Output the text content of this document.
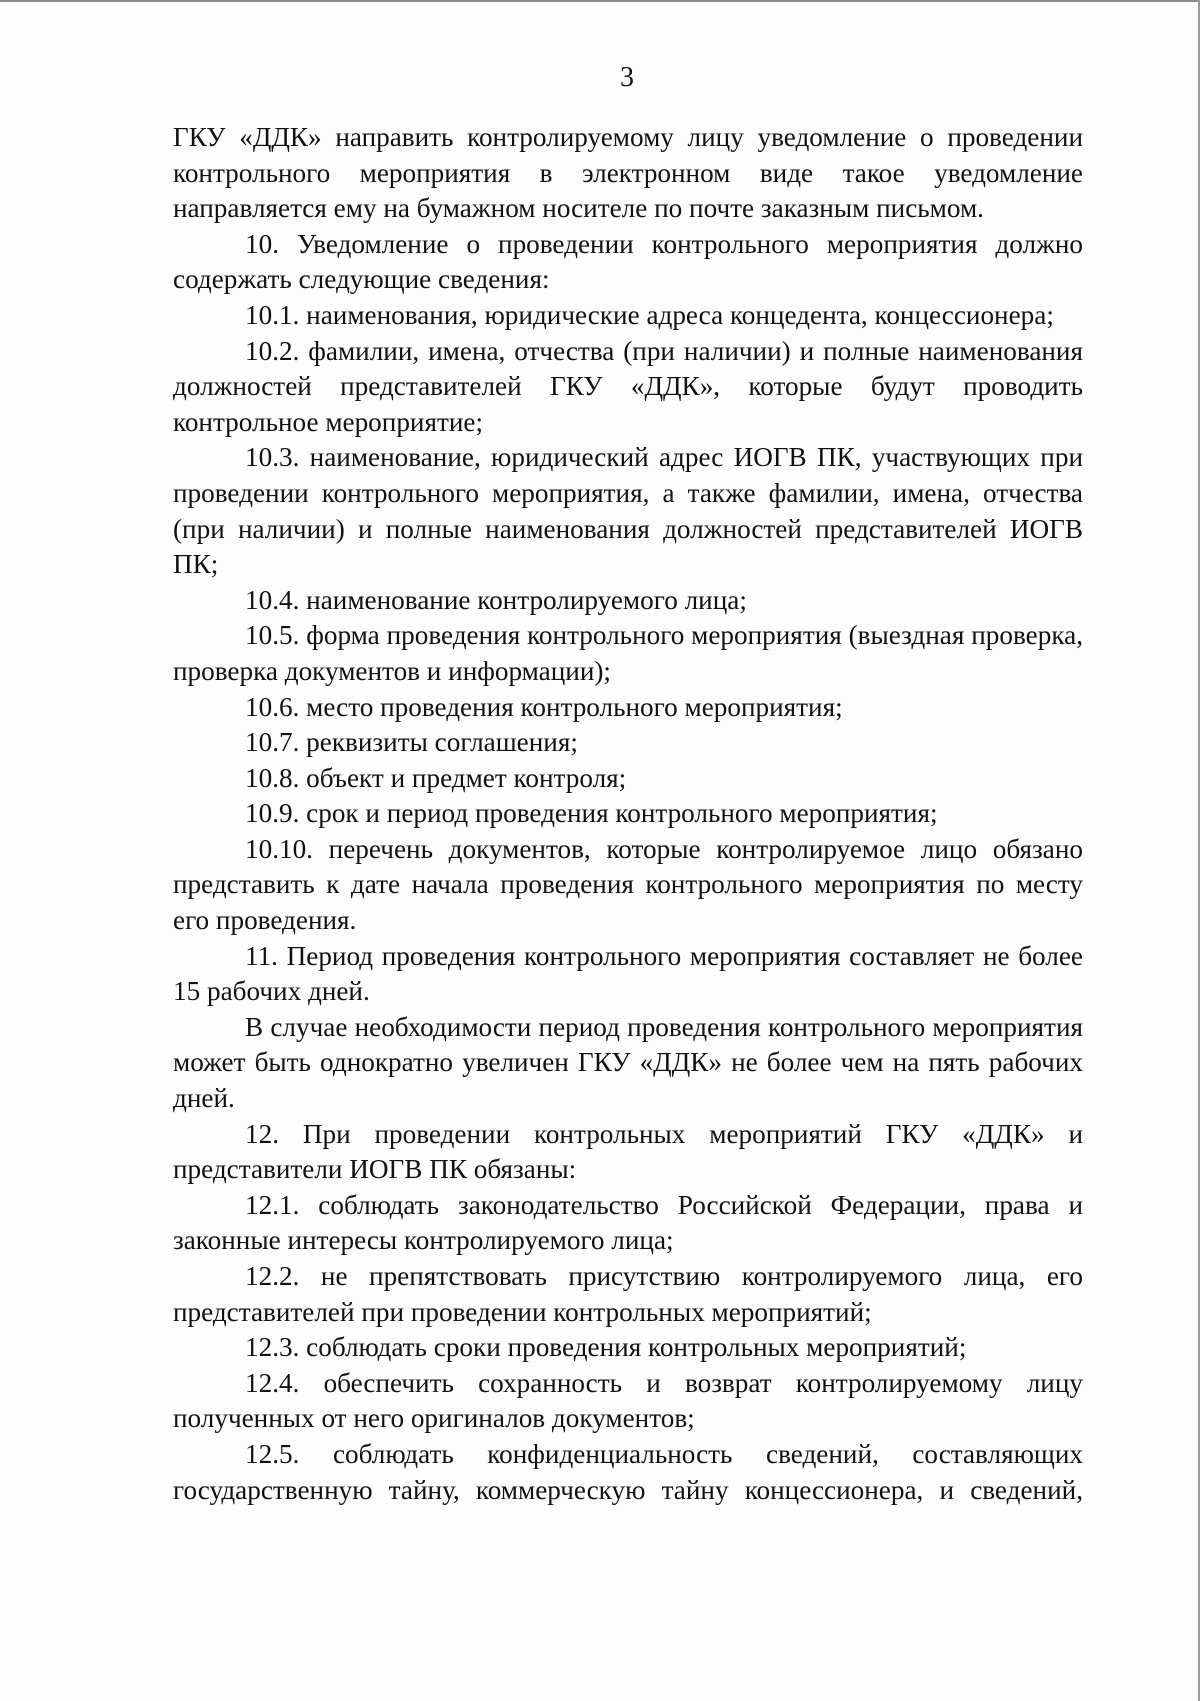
3

ГКУ «ДДК» направить контролируемому лицу уведомление о проведении контрольного мероприятия в электронном виде такое уведомление направляется ему на бумажном носителе по почте заказным письмом.

10. Уведомление о проведении контрольного мероприятия должно содержать следующие сведения:

10.1. наименования, юридические адреса концедента, концессионера;

10.2. фамилии, имена, отчества (при наличии) и полные наименования должностей представителей ГКУ «ДДК», которые будут проводить контрольное мероприятие;

10.3. наименование, юридический адрес ИОГВ ПК, участвующих при проведении контрольного мероприятия, а также фамилии, имена, отчества (при наличии) и полные наименования должностей представителей ИОГВ ПК;

10.4. наименование контролируемого лица;

10.5. форма проведения контрольного мероприятия (выездная проверка, проверка документов и информации);

10.6. место проведения контрольного мероприятия;

10.7. реквизиты соглашения;

10.8. объект и предмет контроля;

10.9. срок и период проведения контрольного мероприятия;

10.10. перечень документов, которые контролируемое лицо обязано представить к дате начала проведения контрольного мероприятия по месту его проведения.

11. Период проведения контрольного мероприятия составляет не более 15 рабочих дней.

В случае необходимости период проведения контрольного мероприятия может быть однократно увеличен ГКУ «ДДК» не более чем на пять рабочих дней.

12. При проведении контрольных мероприятий ГКУ «ДДК» и представители ИОГВ ПК обязаны:

12.1. соблюдать законодательство Российской Федерации, права и законные интересы контролируемого лица;

12.2. не препятствовать присутствию контролируемого лица, его представителей при проведении контрольных мероприятий;

12.3. соблюдать сроки проведения контрольных мероприятий;

12.4. обеспечить сохранность и возврат контролируемому лицу полученных от него оригиналов документов;

12.5. соблюдать конфиденциальность сведений, составляющих государственную тайну, коммерческую тайну концессионера, и сведений,
